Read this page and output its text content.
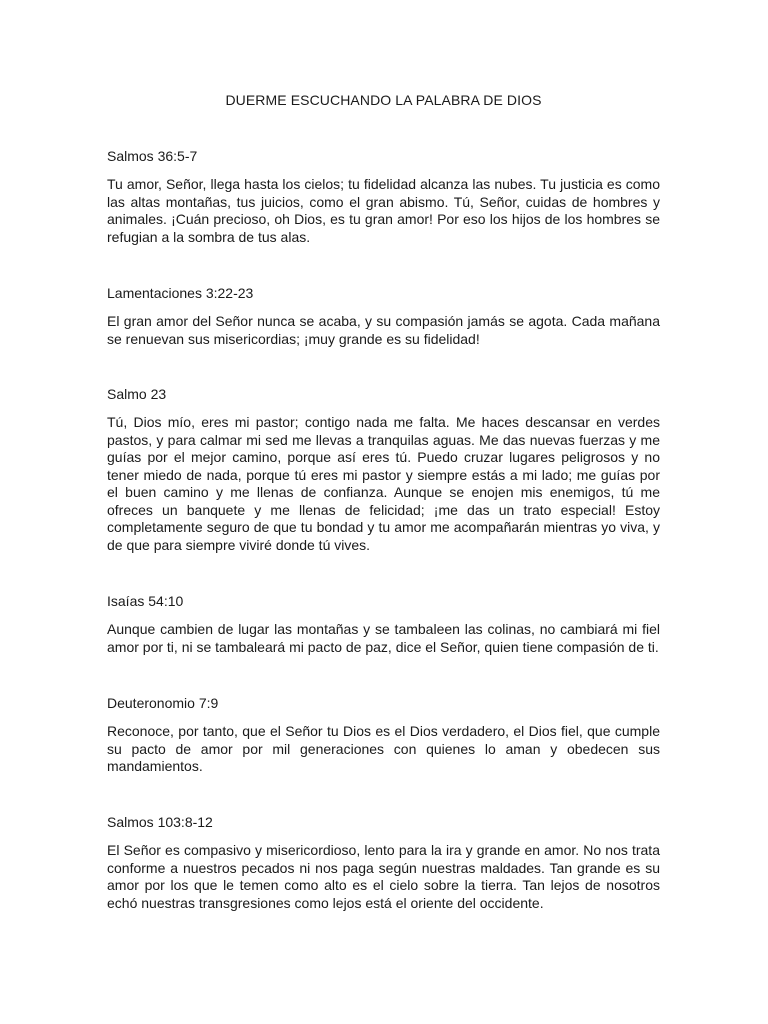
DUERME ESCUCHANDO LA PALABRA DE DIOS
Salmos 36:5-7

Tu amor, Señor, llega hasta los cielos; tu fidelidad alcanza las nubes. Tu justicia es como las altas montañas, tus juicios, como el gran abismo. Tú, Señor, cuidas de hombres y animales. ¡Cuán precioso, oh Dios, es tu gran amor! Por eso los hijos de los hombres se refugian a la sombra de tus alas.

Lamentaciones 3:22-23

El gran amor del Señor nunca se acaba, y su compasión jamás se agota. Cada mañana se renuevan sus misericordias; ¡muy grande es su fidelidad!

Salmo 23

Tú, Dios mío, eres mi pastor; contigo nada me falta. Me haces descansar en verdes pastos, y para calmar mi sed me llevas a tranquilas aguas. Me das nuevas fuerzas y me guías por el mejor camino, porque así eres tú. Puedo cruzar lugares peligrosos y no tener miedo de nada, porque tú eres mi pastor y siempre estás a mi lado; me guías por el buen camino y me llenas de confianza. Aunque se enojen mis enemigos, tú me ofreces un banquete y me llenas de felicidad; ¡me das un trato especial! Estoy completamente seguro de que tu bondad y tu amor me acompañarán mientras yo viva, y de que para siempre viviré donde tú vives.

Isaías 54:10

Aunque cambien de lugar las montañas y se tambaleen las colinas, no cambiará mi fiel amor por ti, ni se tambaleará mi pacto de paz, dice el Señor, quien tiene compasión de ti.

Deuteronomio 7:9

Reconoce, por tanto, que el Señor tu Dios es el Dios verdadero, el Dios fiel, que cumple su pacto de amor por mil generaciones con quienes lo aman y obedecen sus mandamientos.

Salmos 103:8-12

El Señor es compasivo y misericordioso, lento para la ira y grande en amor. No nos trata conforme a nuestros pecados ni nos paga según nuestras maldades. Tan grande es su amor por los que le temen como alto es el cielo sobre la tierra. Tan lejos de nosotros echó nuestras transgresiones como lejos está el oriente del occidente.
